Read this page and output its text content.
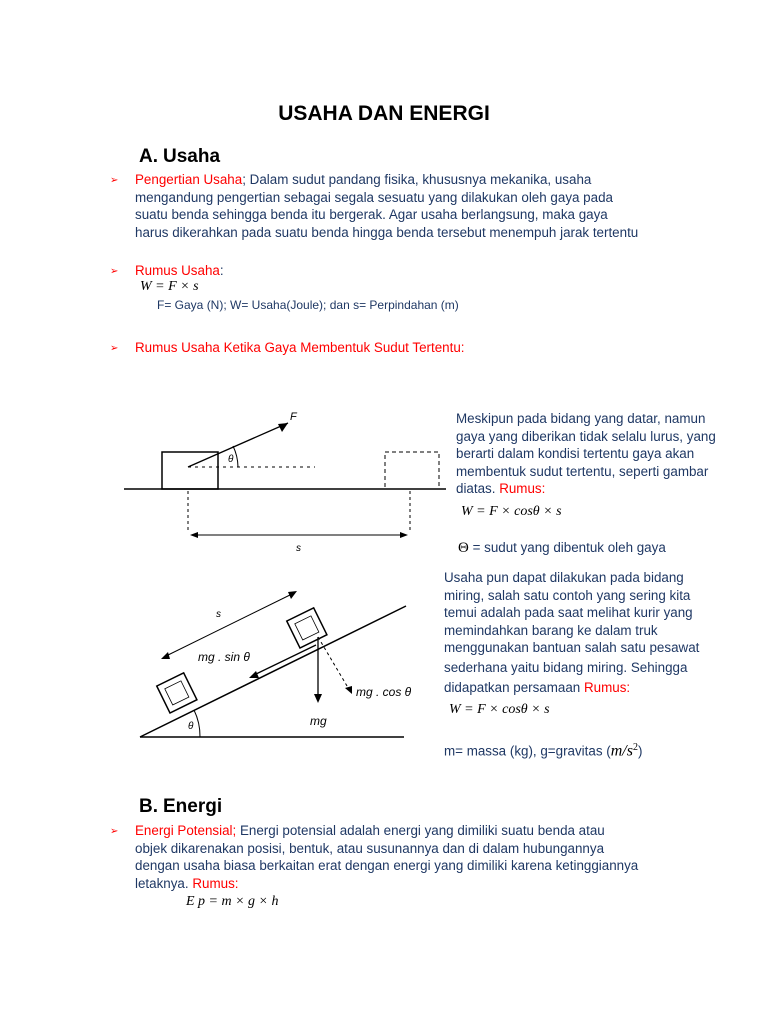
USAHA DAN ENERGI
A. Usaha
➢ Pengertian Usaha; Dalam sudut pandang fisika, khususnya mekanika, usaha
mengandung pengertian sebagai segala sesuatu yang dilakukan oleh gaya pada
suatu benda sehingga benda itu bergerak. Agar usaha berlangsung, maka gaya
harus dikerahkan pada suatu benda hingga benda tersebut menempuh jarak tertentu
➢ Rumus Usaha:
W = F × s
F= Gaya (N); W= Usaha(Joule); dan s= Perpindahan (m)
➢ Rumus Usaha Ketika Gaya Membentuk Sudut Tertentu:
F
θ
s
Meskipun pada bidang yang datar, namun
gaya yang diberikan tidak selalu lurus, yang
berarti dalam kondisi tertentu gaya akan
membentuk sudut tertentu, seperti gambar
diatas. Rumus:
W = F × cosθ × s
Θ = sudut yang dibentuk oleh gaya
θ
s
mg . sin θ
mg
mg . cos θ
Usaha pun dapat dilakukan pada bidang
miring, salah satu contoh yang sering kita
temui adalah pada saat melihat kurir yang
memindahkan barang ke dalam truk
menggunakan bantuan salah satu pesawat
sederhana yaitu bidang miring. Sehingga
didapatkan persamaan Rumus:
W = F × cosθ × s
m= massa (kg), g=gravitas $(m/s^2)$
B. Energi
➢ Energi Potensial; Energi potensial adalah energi yang dimiliki suatu benda atau
objek dikarenakan posisi, bentuk, atau susunannya dan di dalam hubungannya
dengan usaha biasa berkaitan erat dengan energi yang dimiliki karena ketinggiannya
letaknya. Rumus:
E p = m × g × h
